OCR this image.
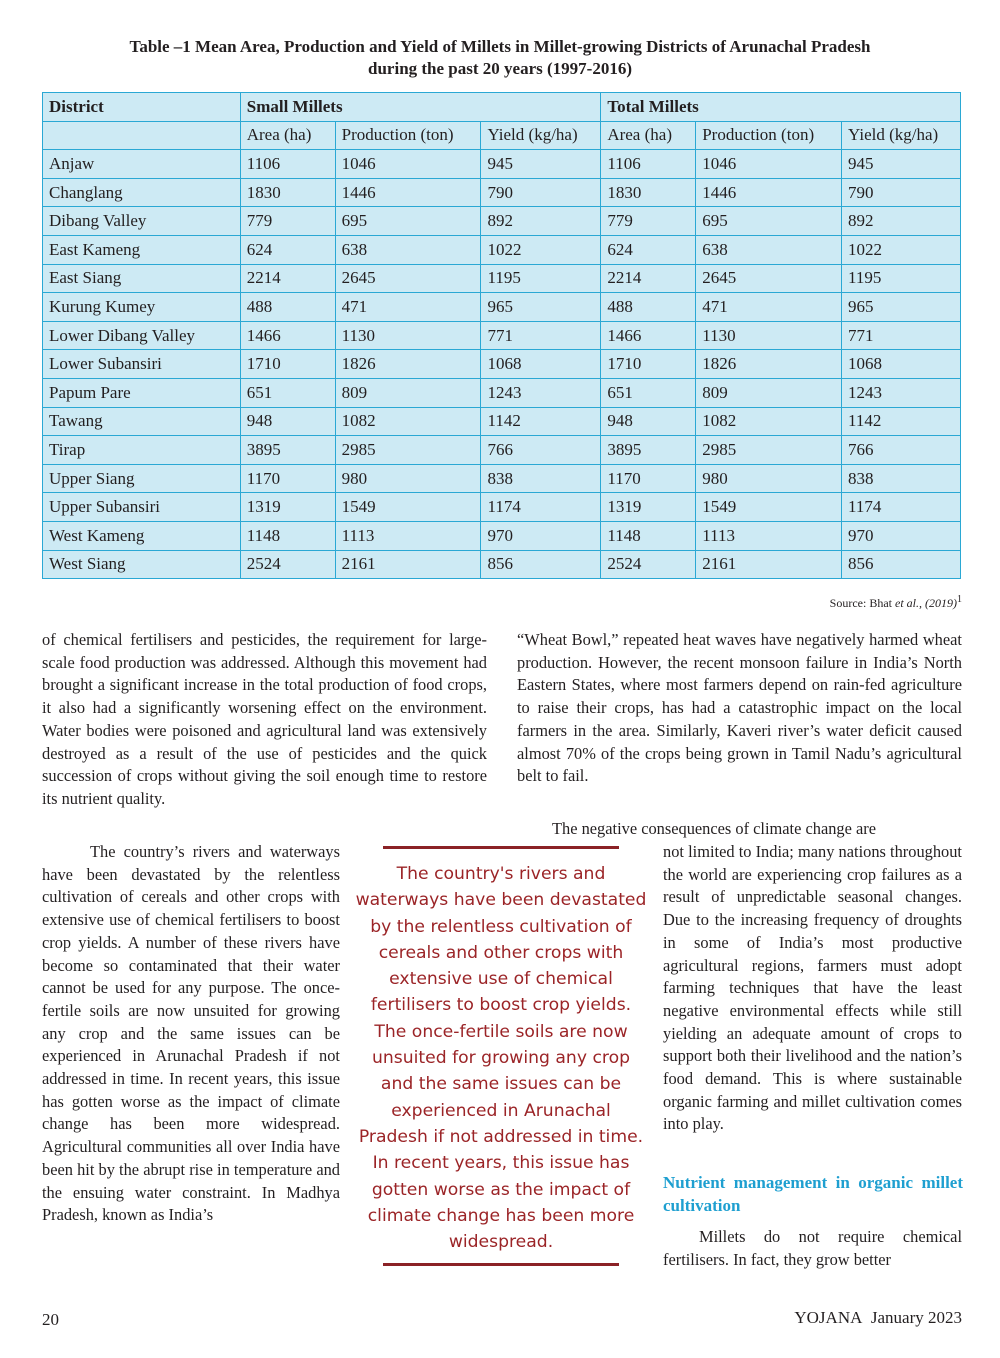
Table –1 Mean Area, Production and Yield of Millets in Millet-growing Districts of Arunachal Pradesh
during the past 20 years (1997-2016)
District	Small Millets			Total Millets		
	Area (ha)	Production (ton)	Yield (kg/ha)	Area (ha)	Production (ton)	Yield (kg/ha)
Anjaw	1106	1046	945	1106	1046	945
Changlang	1830	1446	790	1830	1446	790
Dibang Valley	779	695	892	779	695	892
East Kameng	624	638	1022	624	638	1022
East Siang	2214	2645	1195	2214	2645	1195
Kurung Kumey	488	471	965	488	471	965
Lower Dibang Valley	1466	1130	771	1466	1130	771
Lower Subansiri	1710	1826	1068	1710	1826	1068
Papum Pare	651	809	1243	651	809	1243
Tawang	948	1082	1142	948	1082	1142
Tirap	3895	2985	766	3895	2985	766
Upper Siang	1170	980	838	1170	980	838
Upper Subansiri	1319	1549	1174	1319	1549	1174
West Kameng	1148	1113	970	1148	1113	970
West Siang	2524	2161	856	2524	2161	856
Source: Bhat et al., $(2019)^1$

of chemical fertilisers and pesticides, the requirement for large-scale food production was addressed. Although this movement had brought a significant increase in the total production of food crops, it also had a significantly worsening effect on the environment. Water bodies were poisoned and agricultural land was extensively destroyed as a result of the use of pesticides and the quick succession of crops without giving the soil enough time to restore its nutrient quality.

The country’s rivers and waterways have been devastated by the relentless cultivation of cereals and other crops with extensive use of chemical fertilisers to boost crop yields. A number of these rivers have become so contaminated that their water cannot be used for any purpose. The once-fertile soils are now unsuited for growing any crop and the same issues can be experienced in Arunachal Pradesh if not addressed in time. In recent years, this issue has gotten worse as the impact of climate change has been more widespread. Agricultural communities all over India have been hit by the abrupt rise in temperature and the ensuing water constraint. In Madhya Pradesh, known as India’s

“Wheat Bowl,” repeated heat waves have negatively harmed wheat production. However, the recent monsoon failure in India’s North Eastern States, where most farmers depend on rain-fed agriculture to raise their crops, has had a catastrophic impact on the local farmers in the area. Similarly, Kaveri river’s water deficit caused almost 70% of the crops being grown in Tamil Nadu’s agricultural belt to fail.

The negative consequences of climate change are

not limited to India; many nations throughout the world are experiencing crop failures as a result of unpredictable seasonal changes. Due to the increasing frequency of droughts in some of India’s most productive agricultural regions, farmers must adopt farming techniques that have the least negative environmental effects while still yielding an adequate amount of crops to support both their livelihood and the nation’s food demand. This is where sustainable organic farming and millet cultivation comes into play.

Nutrient management in organic millet cultivation

Millets do not require chemical fertilisers. In fact, they grow better

The country's rivers and waterways have been devastated by the relentless cultivation of cereals and other crops with extensive use of chemical fertilisers to boost crop yields. The once-fertile soils are now unsuited for growing any crop and the same issues can be experienced in Arunachal Pradesh if not addressed in time. In recent years, this issue has gotten worse as the impact of climate change has been more widespread.
20	YOJANA January 2023
